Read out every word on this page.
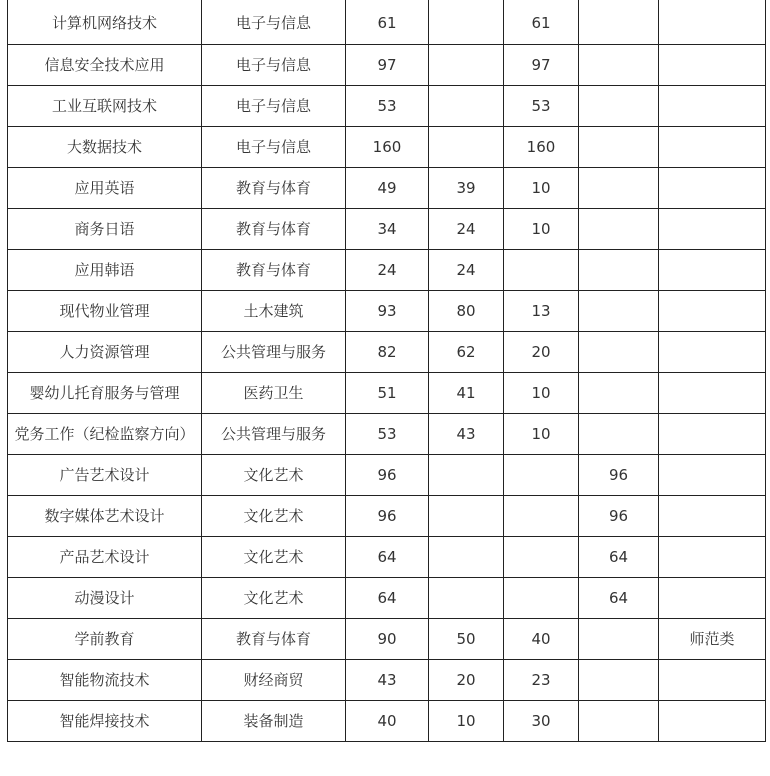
计算机网络技术	电子与信息	61		61		
信息安全技术应用	电子与信息	97		97		
工业互联网技术	电子与信息	53		53		
大数据技术	电子与信息	160		160		
应用英语	教育与体育	49	39	10		
商务日语	教育与体育	34	24	10		
应用韩语	教育与体育	24	24			
现代物业管理	土木建筑	93	80	13		
人力资源管理	公共管理与服务	82	62	20		
婴幼儿托育服务与管理	医药卫生	51	41	10		
党务工作（纪检监察方向）	公共管理与服务	53	43	10		
广告艺术设计	文化艺术	96			96	
数字媒体艺术设计	文化艺术	96			96	
产品艺术设计	文化艺术	64			64	
动漫设计	文化艺术	64			64	
学前教育	教育与体育	90	50	40		师范类
智能物流技术	财经商贸	43	20	23		
智能焊接技术	装备制造	40	10	30		
